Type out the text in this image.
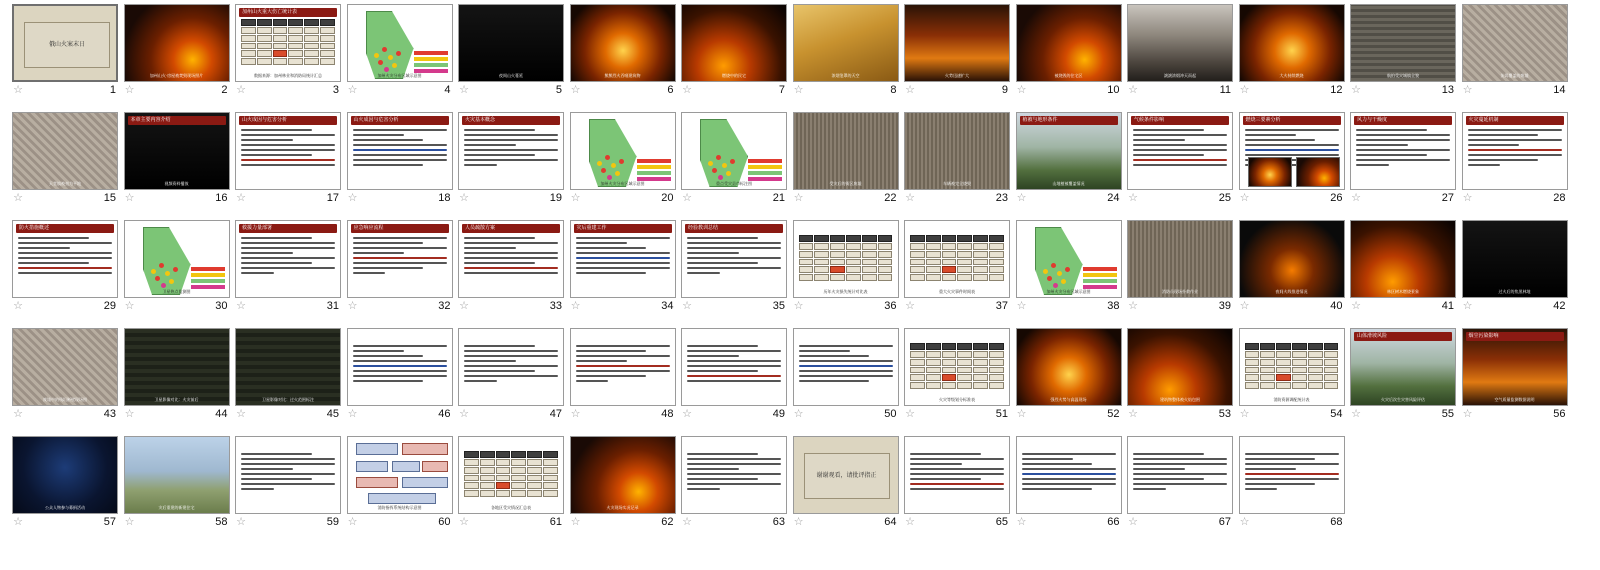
俄山火案末日
☆	1
加州山火·房屋被焚毁现场照片
☆	2
加州山火重大伤亡统计表
数据来源：加州林业和消防局统计汇总
☆	3
加州火灾分布区域示意图
☆	4
夜间山火蔓延
☆	5
熊熊烈火吞噬建筑物
☆	6
燃烧中的民宅
☆	7
浓烟笼罩的天空
☆	8
火势迅速扩大
☆	9
被烧毁的住宅区
☆	10
滚滚浓烟冲天而起
☆	11
大火持续燃烧
☆	12
航拍受灾城镇全貌
☆	13
灰烬覆盖的废墟
☆	14
天堂镇被夷为平地
☆	15
本章主要内容介绍
视频资料播放
☆	16
山火成因与危害分析
☆	17
山火成因与危害分析
☆	18
火灾基本概念
☆	19
加州火灾分布区域示意图
☆	20
重点受灾县市标注图
☆	21
受灾后的街区废墟
☆	22
车辆被完全烧毁
☆	23
植被与地形条件
山地植被覆盖情况
☆	24
气候条件影响
☆	25
燃烧三要素分析
☆	26
风力与干燥度
☆	27
火灾蔓延机制
☆	28
防火措施概述
☆	29
卫星热点监测图
☆	30
救援力量部署
☆	31
应急响应流程
☆	32
人员疏散方案
☆	33
灾后重建工作
☆	34
经验教训总结
☆	35
历年火灾损失统计对比表
☆	36
重大火灾事件时间表
☆	37
加州火灾分布区域示意图
☆	38
消防员现场扑救作业
☆	39
夜间火线推进情况
☆	40
林区树木燃烧景象
☆	41
过火后的焦黑林地
☆	42
废墟中的残垣断壁现场图
☆	43
卫星影像对比：火灾前后
☆	44
卫星影像对比：过火范围标注
☆	45 ☆	46 ☆	47 ☆	48 ☆	49 ☆	50
火灾等级划分标准表
☆	51
强烈火势与高温现场
☆	52
建筑物整体被火焰包围
☆	53
消防资源调配统计表
☆	54
山体滑坡风险
火灾后次生灾害风险评估
☆	55
烟尘污染影响
空气质量监测数据说明
☆	56
公众人物参与募捐活动
☆	57
灾后重建的新建住宅
☆	58 ☆	59
消防指挥系统结构示意图
☆	60
各地区受灾情况汇总表
☆	61
火灾现场实况记录
☆	62 ☆	63
谢谢观看，请批评指正
☆	64 ☆	65 ☆	66 ☆	67 ☆	68
